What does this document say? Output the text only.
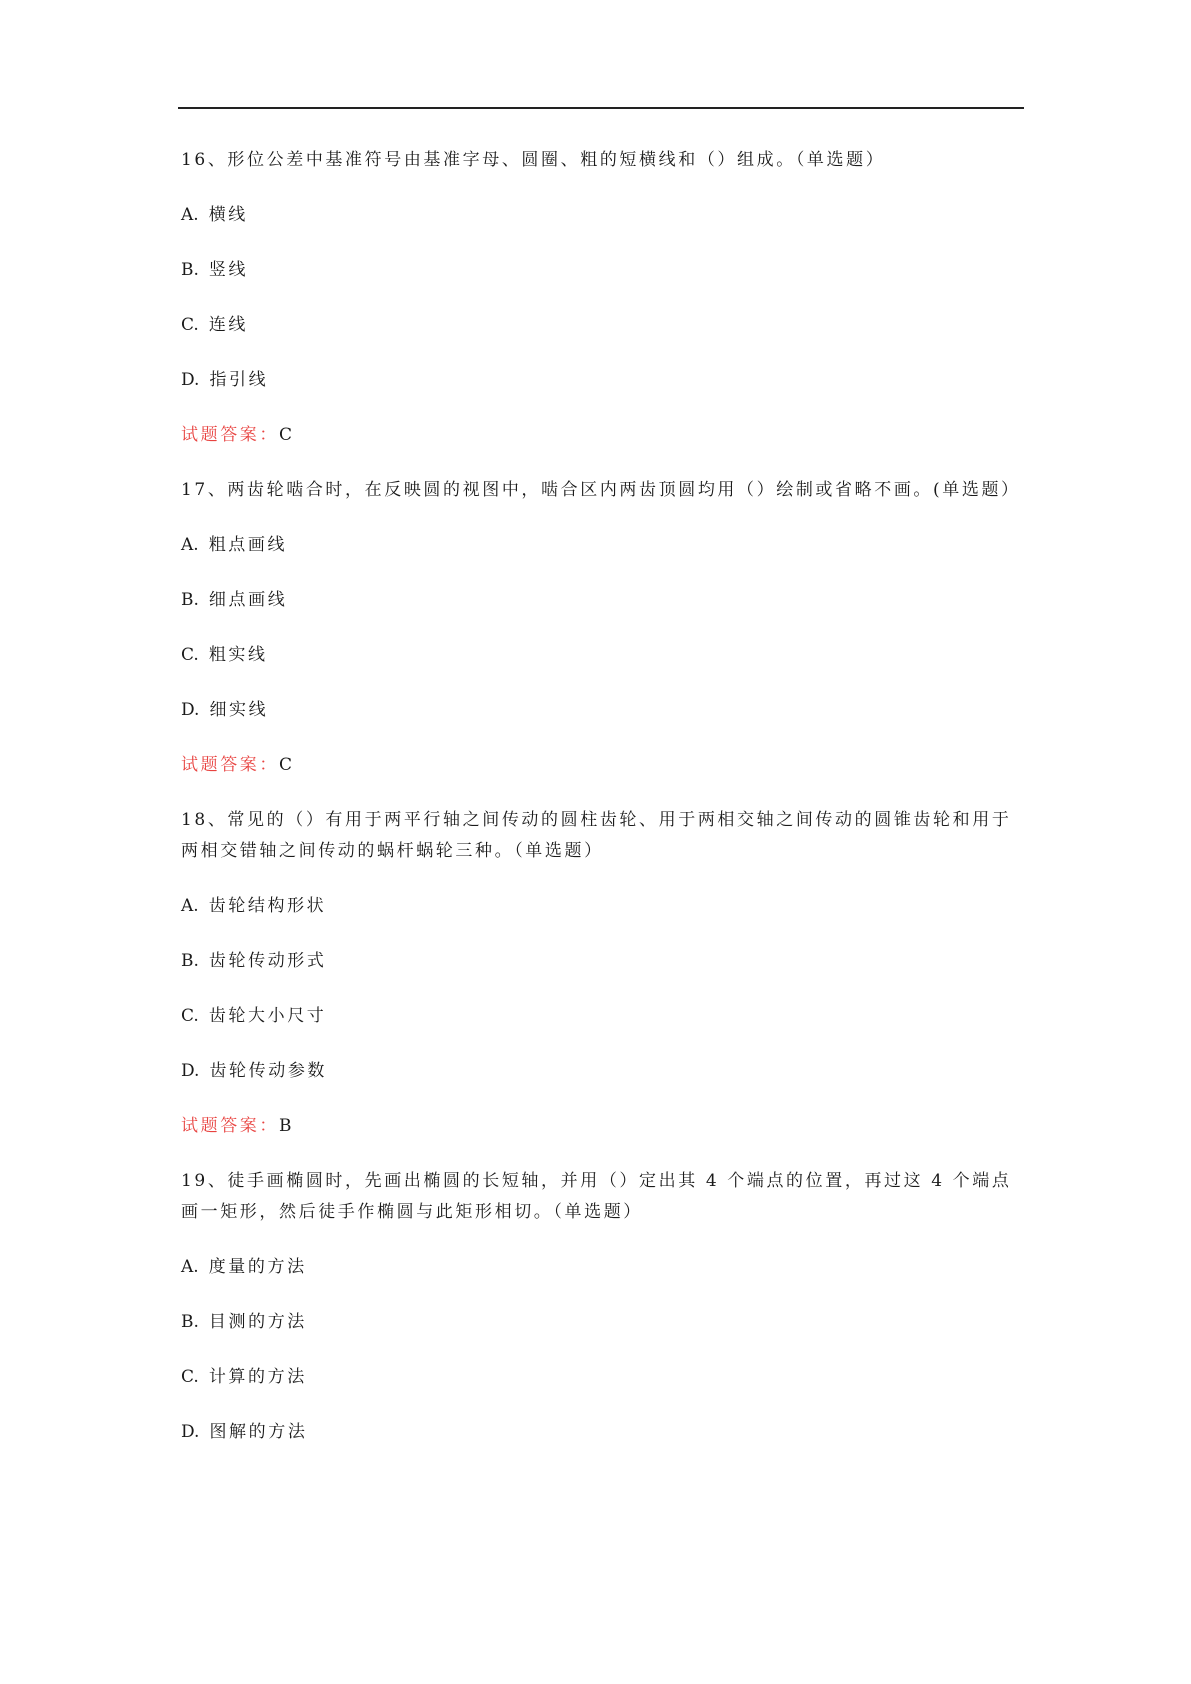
16、形位公差中基准符号由基准字母、圆圈、粗的短横线和（）组成。（单选题）

A. 横线

B. 竖线

C. 连线

D. 指引线

试题答案：C

17、两齿轮啮合时，在反映圆的视图中，啮合区内两齿顶圆均用（）绘制或省略不画。(单选题）

A. 粗点画线

B. 细点画线

C. 粗实线

D. 细实线

试题答案：C

18、常见的（）有用于两平行轴之间传动的圆柱齿轮、用于两相交轴之间传动的圆锥齿轮和用于两相交错轴之间传动的蜗杆蜗轮三种。（单选题）

A. 齿轮结构形状

B. 齿轮传动形式

C. 齿轮大小尺寸

D. 齿轮传动参数

试题答案：B

19、徒手画椭圆时，先画出椭圆的长短轴，并用（）定出其 4 个端点的位置，再过这 4 个端点画一矩形，然后徒手作椭圆与此矩形相切。（单选题）

A. 度量的方法

B. 目测的方法

C. 计算的方法

D. 图解的方法
